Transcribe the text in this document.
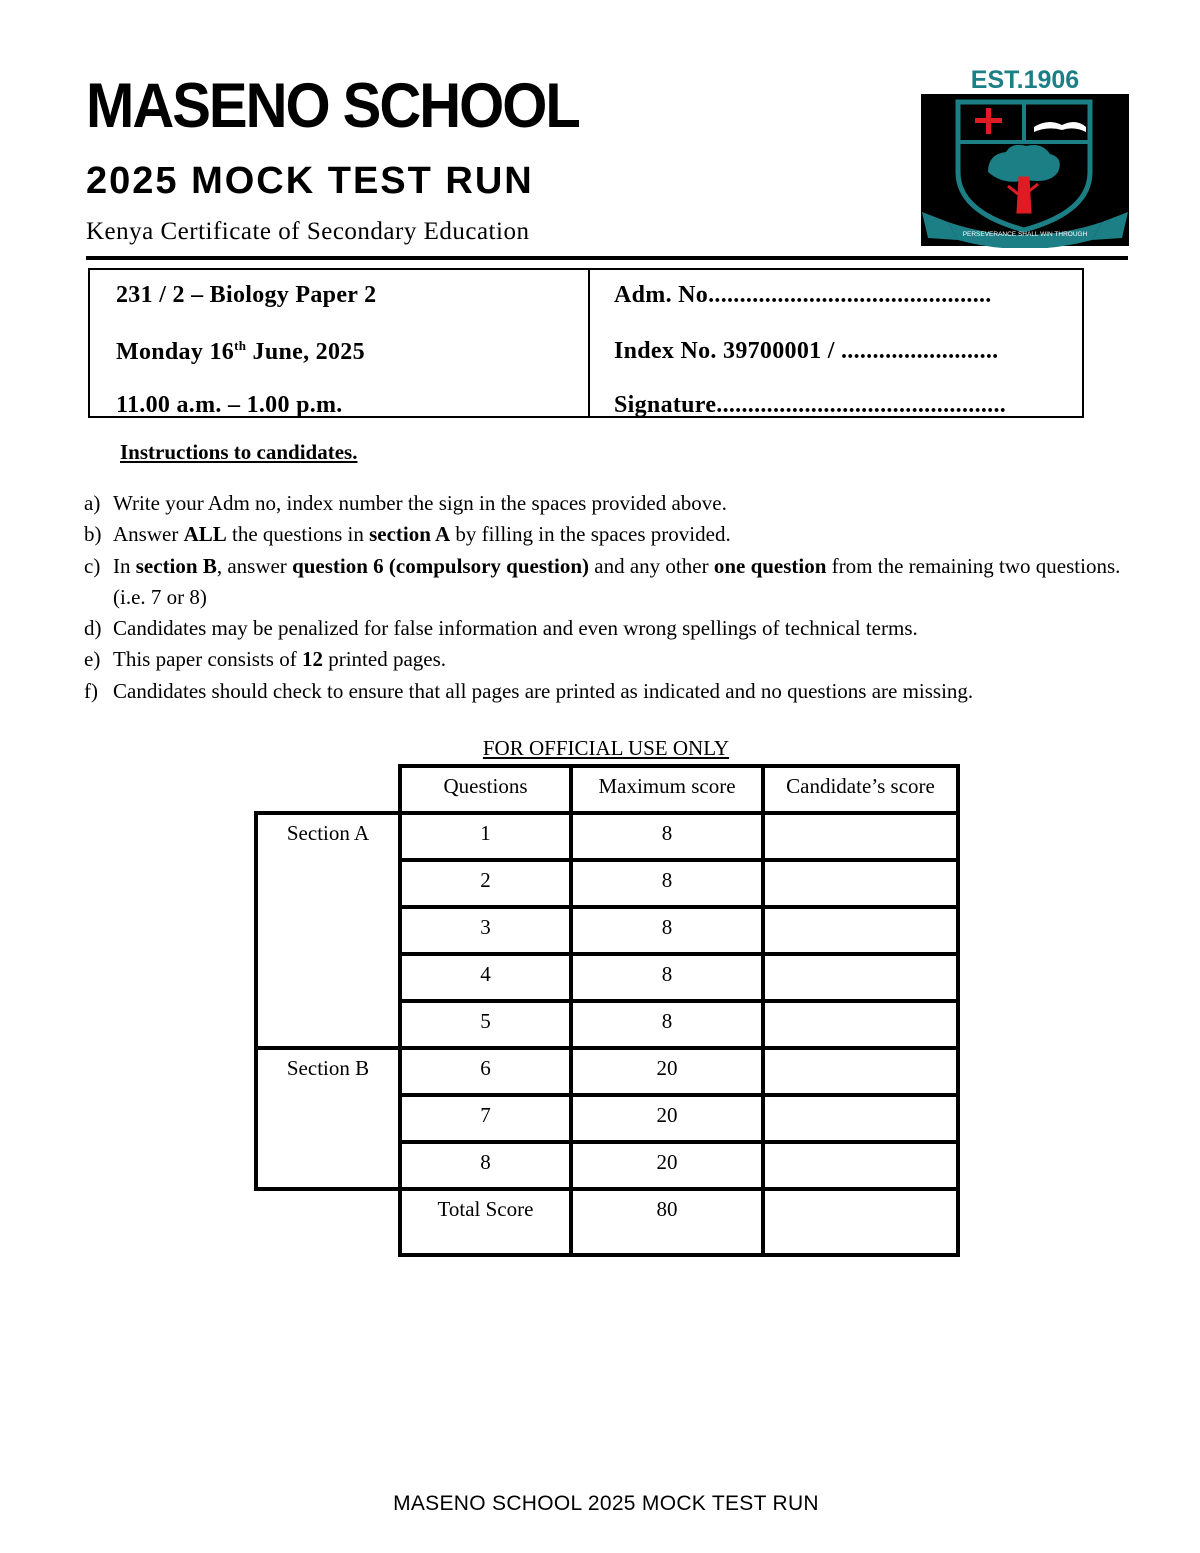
MASENO SCHOOL
2025 MOCK TEST RUN
Kenya Certificate of Secondary Education
EST.1906
PERSEVERANCE SHALL WIN THROUGH
231 / 2 – Biology Paper 2
Monday 16th June, 2025
11.00 a.m. – 1.00 p.m.
Adm. No.............................................
Index No. 39700001 / .........................
Signature..............................................
Instructions to candidates.
a) Write your Adm no, index number the sign in the spaces provided above.
b) Answer ALL the questions in section A by filling in the spaces provided.
c) In section B, answer question 6 (compulsory question) and any other one question from the remaining two questions. (i.e. 7 or 8)
d) Candidates may be penalized for false information and even wrong spellings of technical terms.
e) This paper consists of 12 printed pages.
f) Candidates should check to ensure that all pages are printed as indicated and no questions are missing.
FOR OFFICIAL USE ONLY
	Questions	Maximum score	Candidate’s score
Section A	1	8	
	2	8	
	3	8	
	4	8	
	5	8	
Section B	6	20	
	7	20	
	8	20	
	Total Score	80	
MASENO SCHOOL 2025 MOCK TEST RUN
